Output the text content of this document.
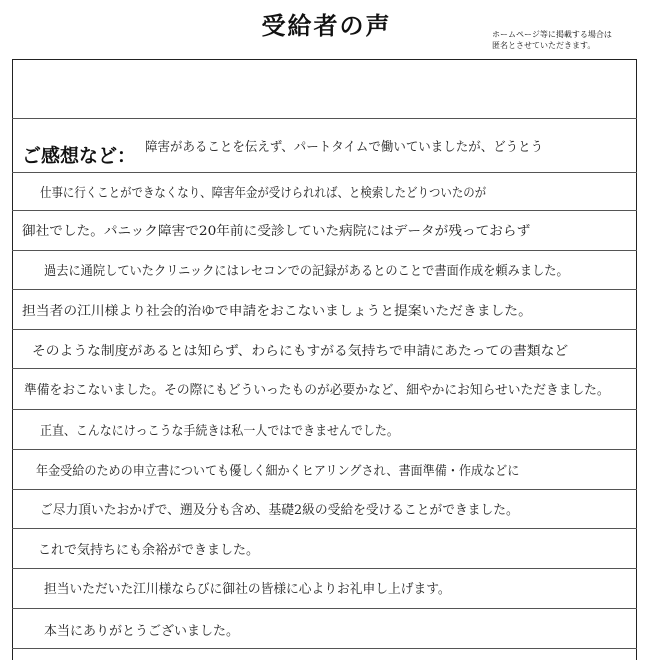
受給者の声	ホームページ等に掲載する場合は
匿名とさせていただきます。
ご感想など： 障害があることを伝えず、パートタイムで働いていましたが、どうとう
仕事に行くことができなくなり、障害年金が受けられれば、と検索したどりついたのが
御社でした。パニック障害で20年前に受診していた病院にはデータが残っておらず
過去に通院していたクリニックにはレセコンでの記録があるとのことで書面作成を頼みました。
担当者の江川様より社会的治ゆで申請をおこないましょうと提案いただきました。
そのような制度があるとは知らず、わらにもすがる気持ちで申請にあたっての書類など
準備をおこないました。その際にもどういったものが必要かなど、細やかにお知らせいただきました。
正直、こんなにけっこうな手続きは私一人ではできませんでした。
年金受給のための申立書についても優しく細かくヒアリングされ、書面準備・作成などに
ご尽力頂いたおかげで、遡及分も含め、基礎2級の受給を受けることができました。
これで気持ちにも余裕ができました。
担当いただいた江川様ならびに御社の皆様に心よりお礼申し上げます。
本当にありがとうございました。
